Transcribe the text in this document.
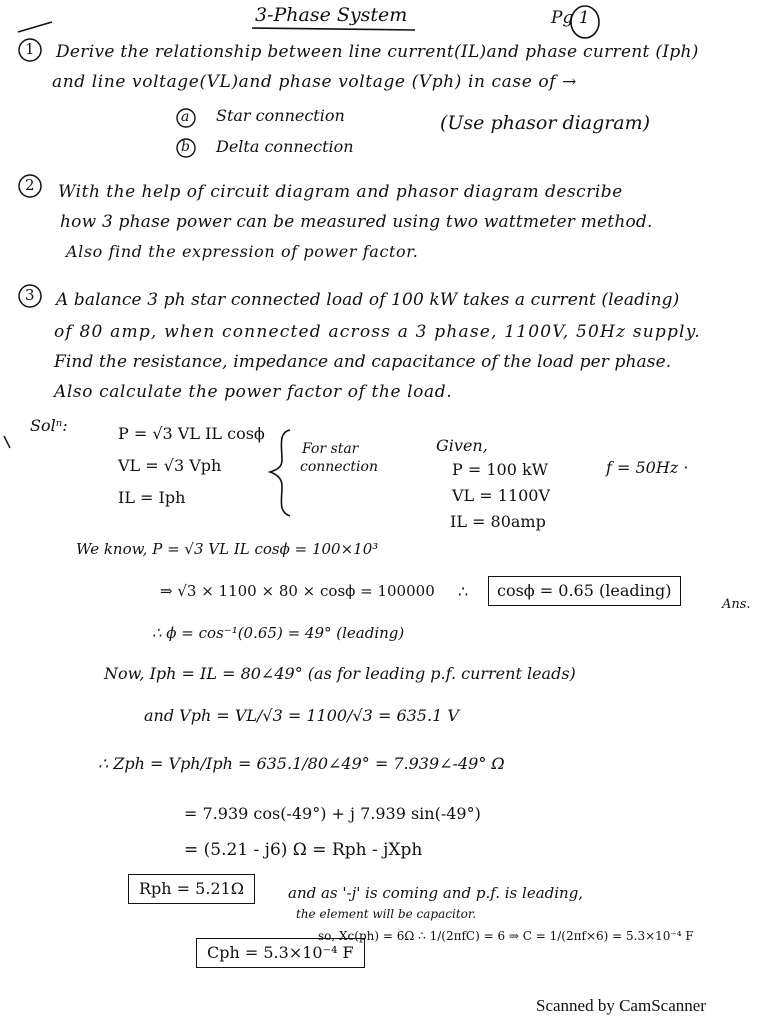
3-Phase System	Pg 1
1 Derive the relationship between line current(IL)and phase current (Iph)
and line voltage(VL)and phase voltage (Vph) in case of →
a Star connection
b Delta connection
(Use phasor diagram)
2 With the help of circuit diagram and phasor diagram describe
how 3 phase power can be measured using two wattmeter method.
Also find the expression of power factor.
3 A balance 3 ph star connected load of 100 kW takes a current (leading)
of 80 amp, when connected across a 3 phase, 1100V, 50Hz supply.
Find the resistance, impedance and capacitance of the load per phase.
Also calculate the power factor of the load.
Solⁿ:	P = √3 VL IL cosϕ
VL = √3 Vph
IL = Iph
For star
connection
Given,
P = 100 kW
VL = 1100V
IL = 80amp
f = 50Hz ·
We know, P = √3 VL IL cosϕ = 100×10³
⇒ √3 × 1100 × 80 × cosϕ = 100000 ∴	cosϕ = 0.65 (leading)
Ans.
∴ ϕ = cos⁻¹(0.65) = 49° (leading)
Now, Iph = IL = 80∠49° (as for leading p.f. current leads)
and Vph = VL/√3 = 1100/√3 = 635.1 V
∴ Zph = Vph/Iph = 635.1/80∠49° = 7.939∠-49° Ω
= 7.939 cos(-49°) + j 7.939 sin(-49°)
= (5.21 - j6) Ω = Rph - jXph
Rph = 5.21Ω	and as '-j' is coming and p.f. is leading,
the element will be capacitor.
so, Xc(ph) = 6Ω ∴ 1/(2πfC) = 6 ⇒ C = 1/(2πf×6) = 5.3×10⁻⁴ F
Cph = 5.3×10⁻⁴ F
Scanned by CamScanner
